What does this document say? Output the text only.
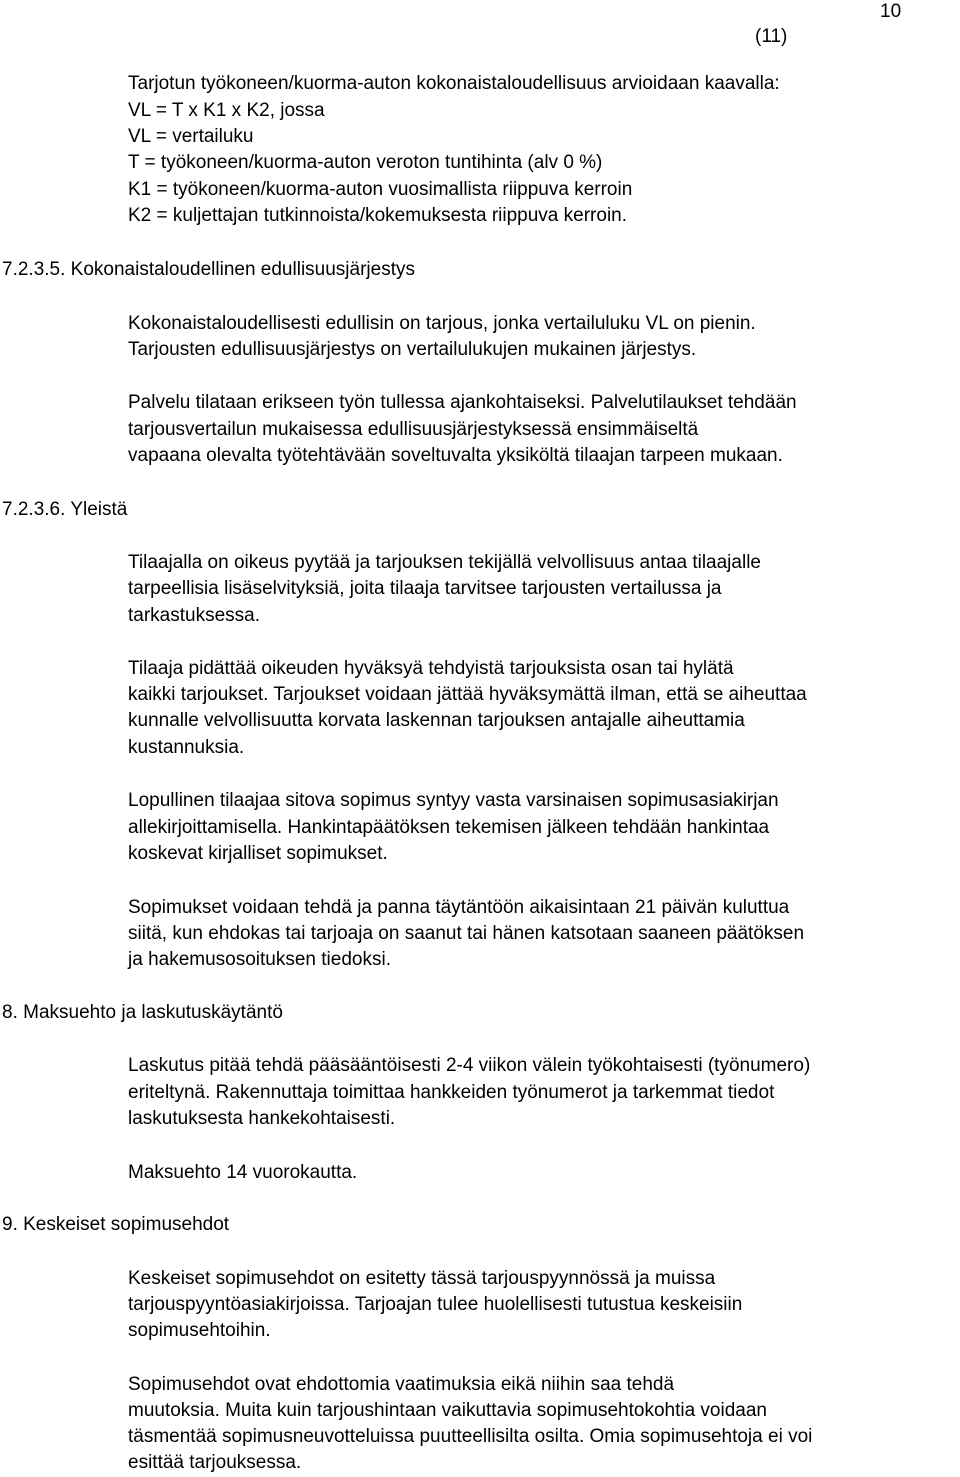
10
(11)
Tarjotun työkoneen/kuorma-auton kokonaistaloudellisuus arvioidaan kaavalla:
VL = T x K1 x K2, jossa
VL = vertailuku
T = työkoneen/kuorma-auton veroton tuntihinta (alv 0 %)
K1 = työkoneen/kuorma-auton vuosimallista riippuva kerroin
K2 = kuljettajan tutkinnoista/kokemuksesta riippuva kerroin.
7.2.3.5. Kokonaistaloudellinen edullisuusjärjestys
Kokonaistaloudellisesti edullisin on tarjous, jonka vertailuluku VL on pienin.
Tarjousten edullisuusjärjestys on vertailulukujen mukainen järjestys.
Palvelu tilataan erikseen työn tullessa ajankohtaiseksi. Palvelutilaukset tehdään
tarjousvertailun mukaisessa edullisuusjärjestyksessä ensimmäiseltä
vapaana olevalta työtehtävään soveltuvalta yksiköltä tilaajan tarpeen mukaan.
7.2.3.6. Yleistä
Tilaajalla on oikeus pyytää ja tarjouksen tekijällä velvollisuus antaa tilaajalle
tarpeellisia lisäselvityksiä, joita tilaaja tarvitsee tarjousten vertailussa ja
tarkastuksessa.
Tilaaja pidättää oikeuden hyväksyä tehdyistä tarjouksista osan tai hylätä
kaikki tarjoukset. Tarjoukset voidaan jättää hyväksymättä ilman, että se aiheuttaa
kunnalle velvollisuutta korvata laskennan tarjouksen antajalle aiheuttamia
kustannuksia.
Lopullinen tilaajaa sitova sopimus syntyy vasta varsinaisen sopimusasiakirjan
allekirjoittamisella. Hankintapäätöksen tekemisen jälkeen tehdään hankintaa
koskevat kirjalliset sopimukset.
Sopimukset voidaan tehdä ja panna täytäntöön aikaisintaan 21 päivän kuluttua
siitä, kun ehdokas tai tarjoaja on saanut tai hänen katsotaan saaneen päätöksen
ja hakemusosoituksen tiedoksi.
8. Maksuehto ja laskutuskäytäntö
Laskutus pitää tehdä pääsääntöisesti 2-4 viikon välein työkohtaisesti (työnumero)
eriteltynä. Rakennuttaja toimittaa hankkeiden työnumerot ja tarkemmat tiedot
laskutuksesta hankekohtaisesti.
Maksuehto 14 vuorokautta.
9. Keskeiset sopimusehdot
Keskeiset sopimusehdot on esitetty tässä tarjouspyynnössä ja muissa
tarjouspyyntöasiakirjoissa. Tarjoajan tulee huolellisesti tutustua keskeisiin
sopimusehtoihin.
Sopimusehdot ovat ehdottomia vaatimuksia eikä niihin saa tehdä
muutoksia. Muita kuin tarjoushintaan vaikuttavia sopimusehtokohtia voidaan
täsmentää sopimusneuvotteluissa puutteellisilta osilta. Omia sopimusehtoja ei voi
esittää tarjouksessa.
